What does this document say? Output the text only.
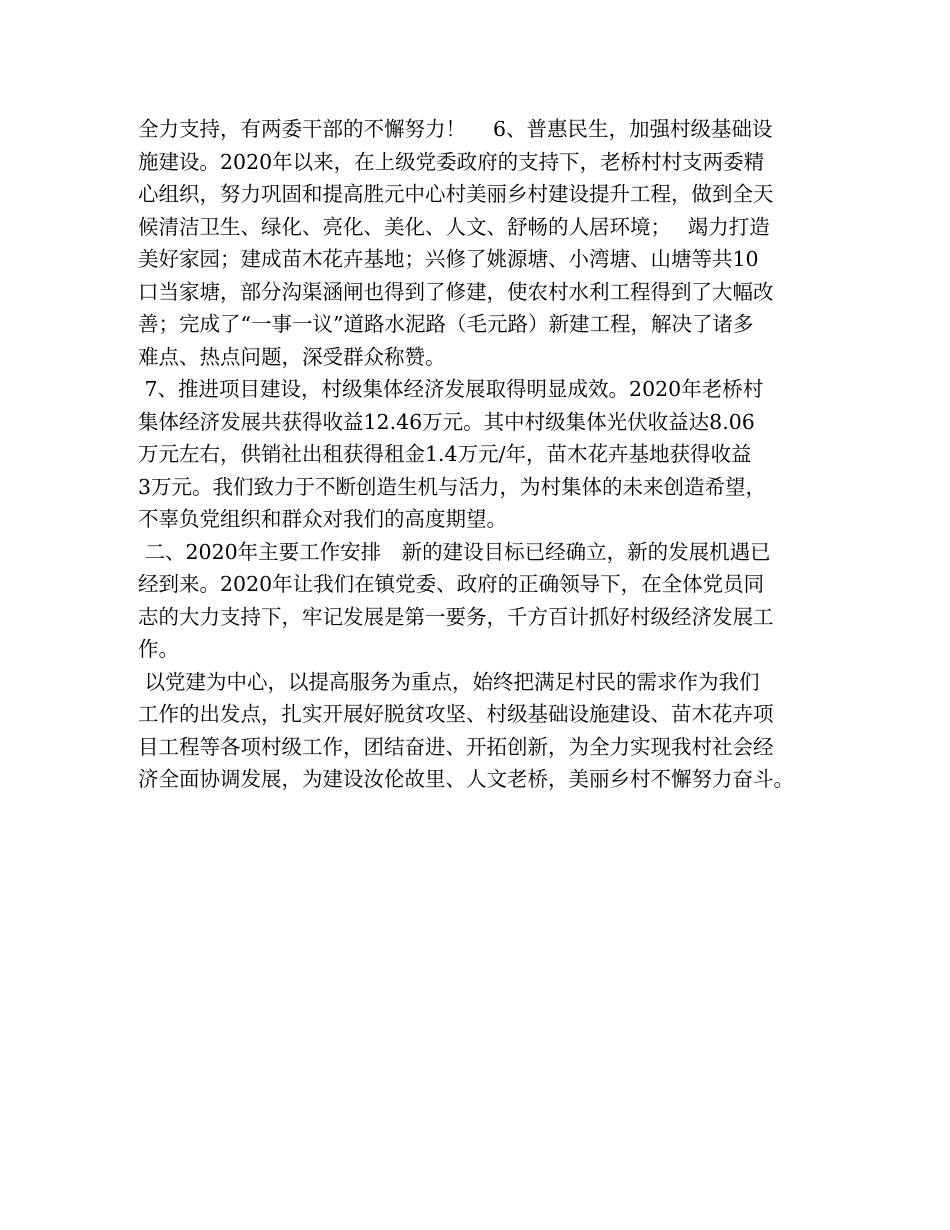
全力支持，有两委干部的不懈努力！　 6、普惠民生，加强村级基础设
施建设。2020年以来，在上级党委政府的支持下，老桥村村支两委精
心组织，努力巩固和提高胜元中心村美丽乡村建设提升工程，做到全天
候清洁卫生、绿化、亮化、美化、人文、舒畅的人居环境；　 竭力打造
美好家园；建成苗木花卉基地；兴修了姚源塘、小湾塘、山塘等共10
口当家塘，部分沟渠涵闸也得到了修建，使农村水利工程得到了大幅改
善；完成了“一事一议”道路水泥路（毛元路）新建工程，解决了诸多
难点、热点问题，深受群众称赞。
7、推进项目建设，村级集体经济发展取得明显成效。2020年老桥村
集体经济发展共获得收益12.46万元。其中村级集体光伏收益达8.06
万元左右，供销社出租获得租金1.4万元/年，苗木花卉基地获得收益
3万元。我们致力于不断创造生机与活力，为村集体的未来创造希望，
不辜负党组织和群众对我们的高度期望。
二、2020年主要工作安排　新的建设目标已经确立，新的发展机遇已
经到来。2020年让我们在镇党委、政府的正确领导下，在全体党员同
志的大力支持下，牢记发展是第一要务，千方百计抓好村级经济发展工
作。
以党建为中心，以提高服务为重点，始终把满足村民的需求作为我们
工作的出发点，扎实开展好脱贫攻坚、村级基础设施建设、苗木花卉项
目工程等各项村级工作，团结奋进、开拓创新，为全力实现我村社会经
济全面协调发展，为建设汝伦故里、人文老桥，美丽乡村不懈努力奋斗。
